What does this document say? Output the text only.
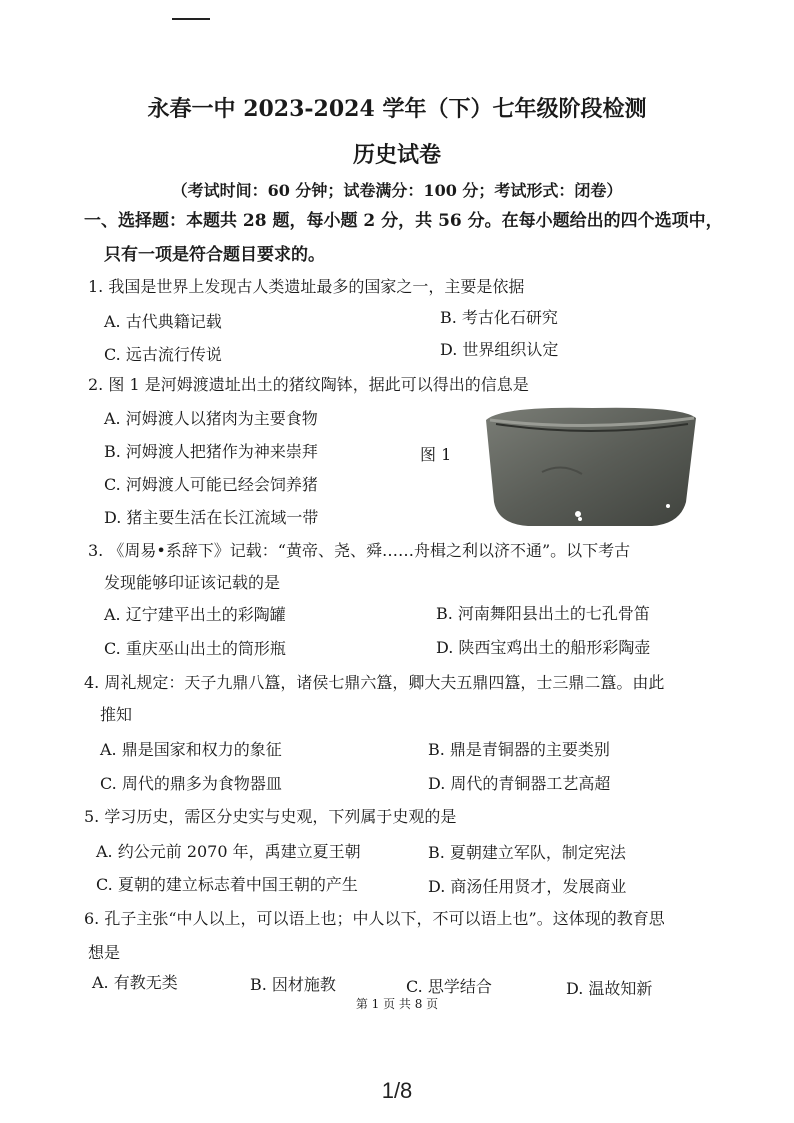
永春一中 2023-2024 学年（下）七年级阶段检测
历史试卷
（考试时间：60 分钟；试卷满分：100 分；考试形式：闭卷）
一、选择题：本题共 28 题，每小题 2 分，共 56 分。在每小题给出的四个选项中，
只有一项是符合题目要求的。
1. 我国是世界上发现古人类遗址最多的国家之一，主要是依据
A. 古代典籍记载	B. 考古化石研究
C. 远古流行传说	D. 世界组织认定
2. 图 1 是河姆渡遗址出土的猪纹陶钵，据此可以得出的信息是
A. 河姆渡人以猪肉为主要食物
B. 河姆渡人把猪作为神来崇拜
C. 河姆渡人可能已经会饲养猪
D. 猪主要生活在长江流域一带
图 1
3. 《周易•系辞下》记载：“黄帝、尧、舜……舟楫之利以济不通”。以下考古
发现能够印证该记载的是
A. 辽宁建平出土的彩陶罐	B. 河南舞阳县出土的七孔骨笛
C. 重庆巫山出土的筒形瓶	D. 陕西宝鸡出土的船形彩陶壶
4. 周礼规定：天子九鼎八簋，诸侯七鼎六簋，卿大夫五鼎四簋，士三鼎二簋。由此
推知
A. 鼎是国家和权力的象征	B. 鼎是青铜器的主要类别
C. 周代的鼎多为食物器皿	D. 周代的青铜器工艺高超
5. 学习历史，需区分史实与史观，下列属于史观的是
A. 约公元前 2070 年，禹建立夏王朝	B. 夏朝建立军队，制定宪法
C. 夏朝的建立标志着中国王朝的产生	D. 商汤任用贤才，发展商业
6. 孔子主张“中人以上，可以语上也；中人以下，不可以语上也”。这体现的教育思
想是
A. 有教无类	B. 因材施教	C. 思学结合	D. 温故知新
第 1 页 共 8 页
1/8
